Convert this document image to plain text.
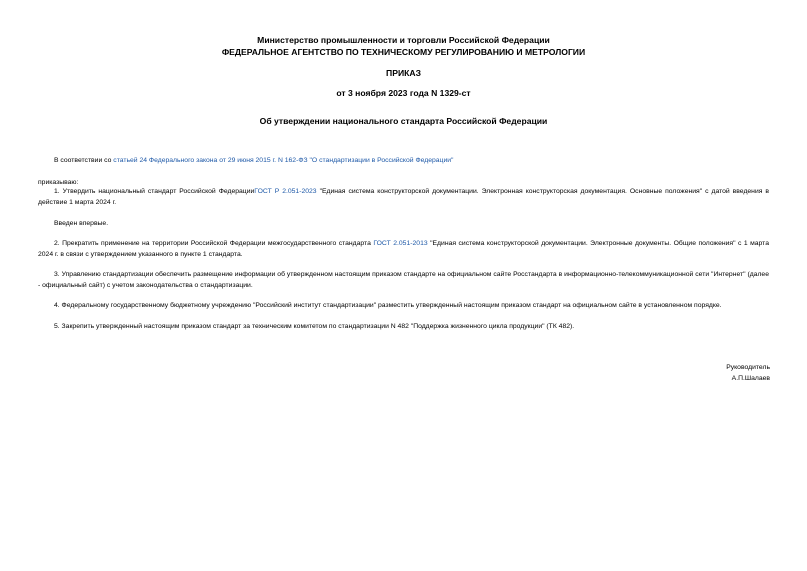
Министерство промышленности и торговли Российской Федерации
ФЕДЕРАЛЬНОЕ АГЕНТСТВО ПО ТЕХНИЧЕСКОМУ РЕГУЛИРОВАНИЮ И МЕТРОЛОГИИ
ПРИКАЗ
от 3 ноября 2023 года N 1329-ст
Об утверждении национального стандарта Российской Федерации
В соответствии со статьей 24 Федерального закона от 29 июня 2015 г. N 162-ФЗ "О стандартизации в Российской Федерации"
приказываю:
1. Утвердить национальный стандарт Российской ФедерацииГОСТ Р 2.051-2023 "Единая система конструкторской документации. Электронная конструкторская документация. Основные положения" с датой введения в действие 1 марта 2024 г.
Введен впервые.
2. Прекратить применение на территории Российской Федерации межгосударственного стандарта ГОСТ 2.051-2013 "Единая система конструкторской документации. Электронные документы. Общие положения" с 1 марта 2024 г. в связи с утверждением указанного в пункте 1 стандарта.
3. Управлению стандартизации обеспечить размещение информации об утвержденном настоящим приказом стандарте на официальном сайте Росстандарта в информационно-телекоммуникационной сети "Интернет" (далее - официальный сайт) с учетом законодательства о стандартизации.
4. Федеральному государственному бюджетному учреждению "Российский институт стандартизации" разместить утвержденный настоящим приказом стандарт на официальном сайте в установленном порядке.
5. Закрепить утвержденный настоящим приказом стандарт за техническим комитетом по стандартизации N 482 "Поддержка жизненного цикла продукции" (ТК 482).
Руководитель
А.П.Шалаев
